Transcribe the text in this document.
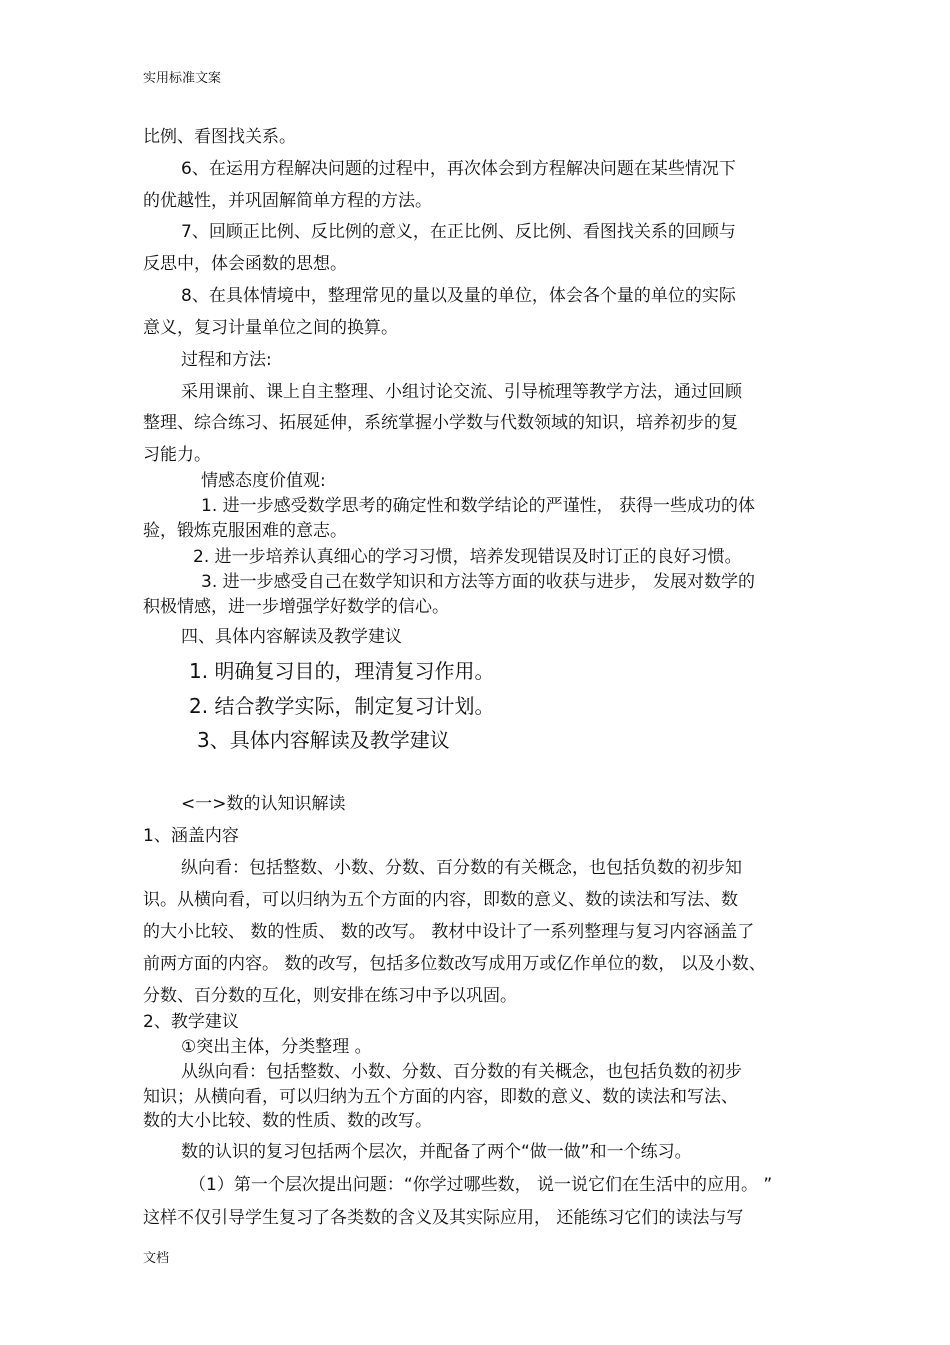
实用标准文案
比例、看图找关系。
6、在运用方程解决问题的过程中，再次体会到方程解决问题在某些情况下
的优越性，并巩固解简单方程的方法。
7、回顾正比例、反比例的意义，在正比例、反比例、看图找关系的回顾与
反思中，体会函数的思想。
8、在具体情境中，整理常见的量以及量的单位，体会各个量的单位的实际
意义，复习计量单位之间的换算。
过程和方法:
采用课前、课上自主整理、小组讨论交流、引导梳理等教学方法，通过回顾
整理、综合练习、拓展延伸，系统掌握小学数与代数领域的知识，培养初步的复
习能力。
情感态度价值观:
1. 进一步感受数学思考的确定性和数学结论的严谨性， 获得一些成功的体
验，锻炼克服困难的意志。
2. 进一步培养认真细心的学习习惯，培养发现错误及时订正的良好习惯。
3. 进一步感受自己在数学知识和方法等方面的收获与进步， 发展对数学的
积极情感，进一步增强学好数学的信心。
四、具体内容解读及教学建议
1. 明确复习目的，理清复习作用。
2. 结合教学实际，制定复习计划。
3、具体内容解读及教学建议
<一>数的认知识解读
1、涵盖内容
纵向看：包括整数、小数、分数、百分数的有关概念，也包括负数的初步知
识。从横向看，可以归纳为五个方面的内容，即数的意义、数的读法和写法、数
的大小比较、 数的性质、 数的改写。 教材中设计了一系列整理与复习内容涵盖了
前两方面的内容。 数的改写，包括多位数改写成用万或亿作单位的数， 以及小数、
分数、百分数的互化，则安排在练习中予以巩固。
2、教学建议
①突出主体，分类整理 。
从纵向看：包括整数、小数、分数、百分数的有关概念，也包括负数的初步
知识；从横向看，可以归纳为五个方面的内容，即数的意义、数的读法和写法、
数的大小比较、数的性质、数的改写。
数的认识的复习包括两个层次，并配备了两个“做一做”和一个练习。
（1）第一个层次提出问题：“你学过哪些数， 说一说它们在生活中的应用。 ”
这样不仅引导学生复习了各类数的含义及其实际应用， 还能练习它们的读法与写
文档
